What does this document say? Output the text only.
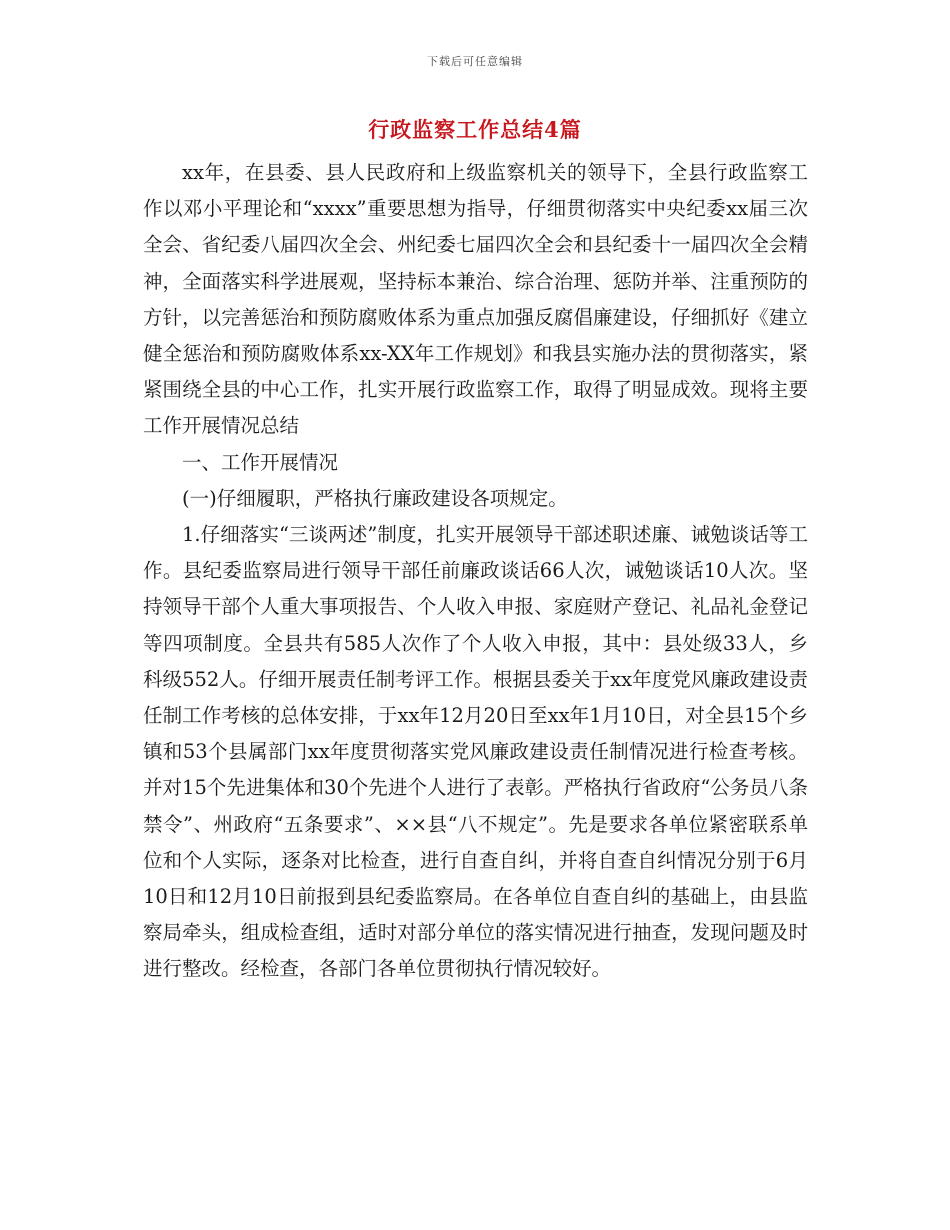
下载后可任意编辑
行政监察工作总结4篇

xx年，在县委、县人民政府和上级监察机关的领导下，全县行政监察工作以邓小平理论和“xxxx”重要思想为指导，仔细贯彻落实中央纪委xx届三次全会、省纪委八届四次全会、州纪委七届四次全会和县纪委十一届四次全会精神，全面落实科学进展观，坚持标本兼治、综合治理、惩防并举、注重预防的方针，以完善惩治和预防腐败体系为重点加强反腐倡廉建设，仔细抓好《建立健全惩治和预防腐败体系xx-XX年工作规划》和我县实施办法的贯彻落实，紧紧围绕全县的中心工作，扎实开展行政监察工作，取得了明显成效。现将主要工作开展情况总结

一、工作开展情况

(一)仔细履职，严格执行廉政建设各项规定。

1.仔细落实“三谈两述”制度，扎实开展领导干部述职述廉、诫勉谈话等工作。县纪委监察局进行领导干部任前廉政谈话66人次，诫勉谈话10人次。坚持领导干部个人重大事项报告、个人收入申报、家庭财产登记、礼品礼金登记等四项制度。全县共有585人次作了个人收入申报，其中：县处级33人，乡科级552人。仔细开展责任制考评工作。根据县委关于xx年度党风廉政建设责任制工作考核的总体安排，于xx年12月20日至xx年1月10日，对全县15个乡镇和53个县属部门xx年度贯彻落实党风廉政建设责任制情况进行检查考核。并对15个先进集体和30个先进个人进行了表彰。严格执行省政府“公务员八条禁令”、州政府“五条要求”、××县“八不规定”。先是要求各单位紧密联系单位和个人实际，逐条对比检查，进行自查自纠，并将自查自纠情况分别于6月10日和12月10日前报到县纪委监察局。在各单位自查自纠的基础上，由县监察局牵头，组成检查组，适时对部分单位的落实情况进行抽查，发现问题及时进行整改。经检查，各部门各单位贯彻执行情况较好。
